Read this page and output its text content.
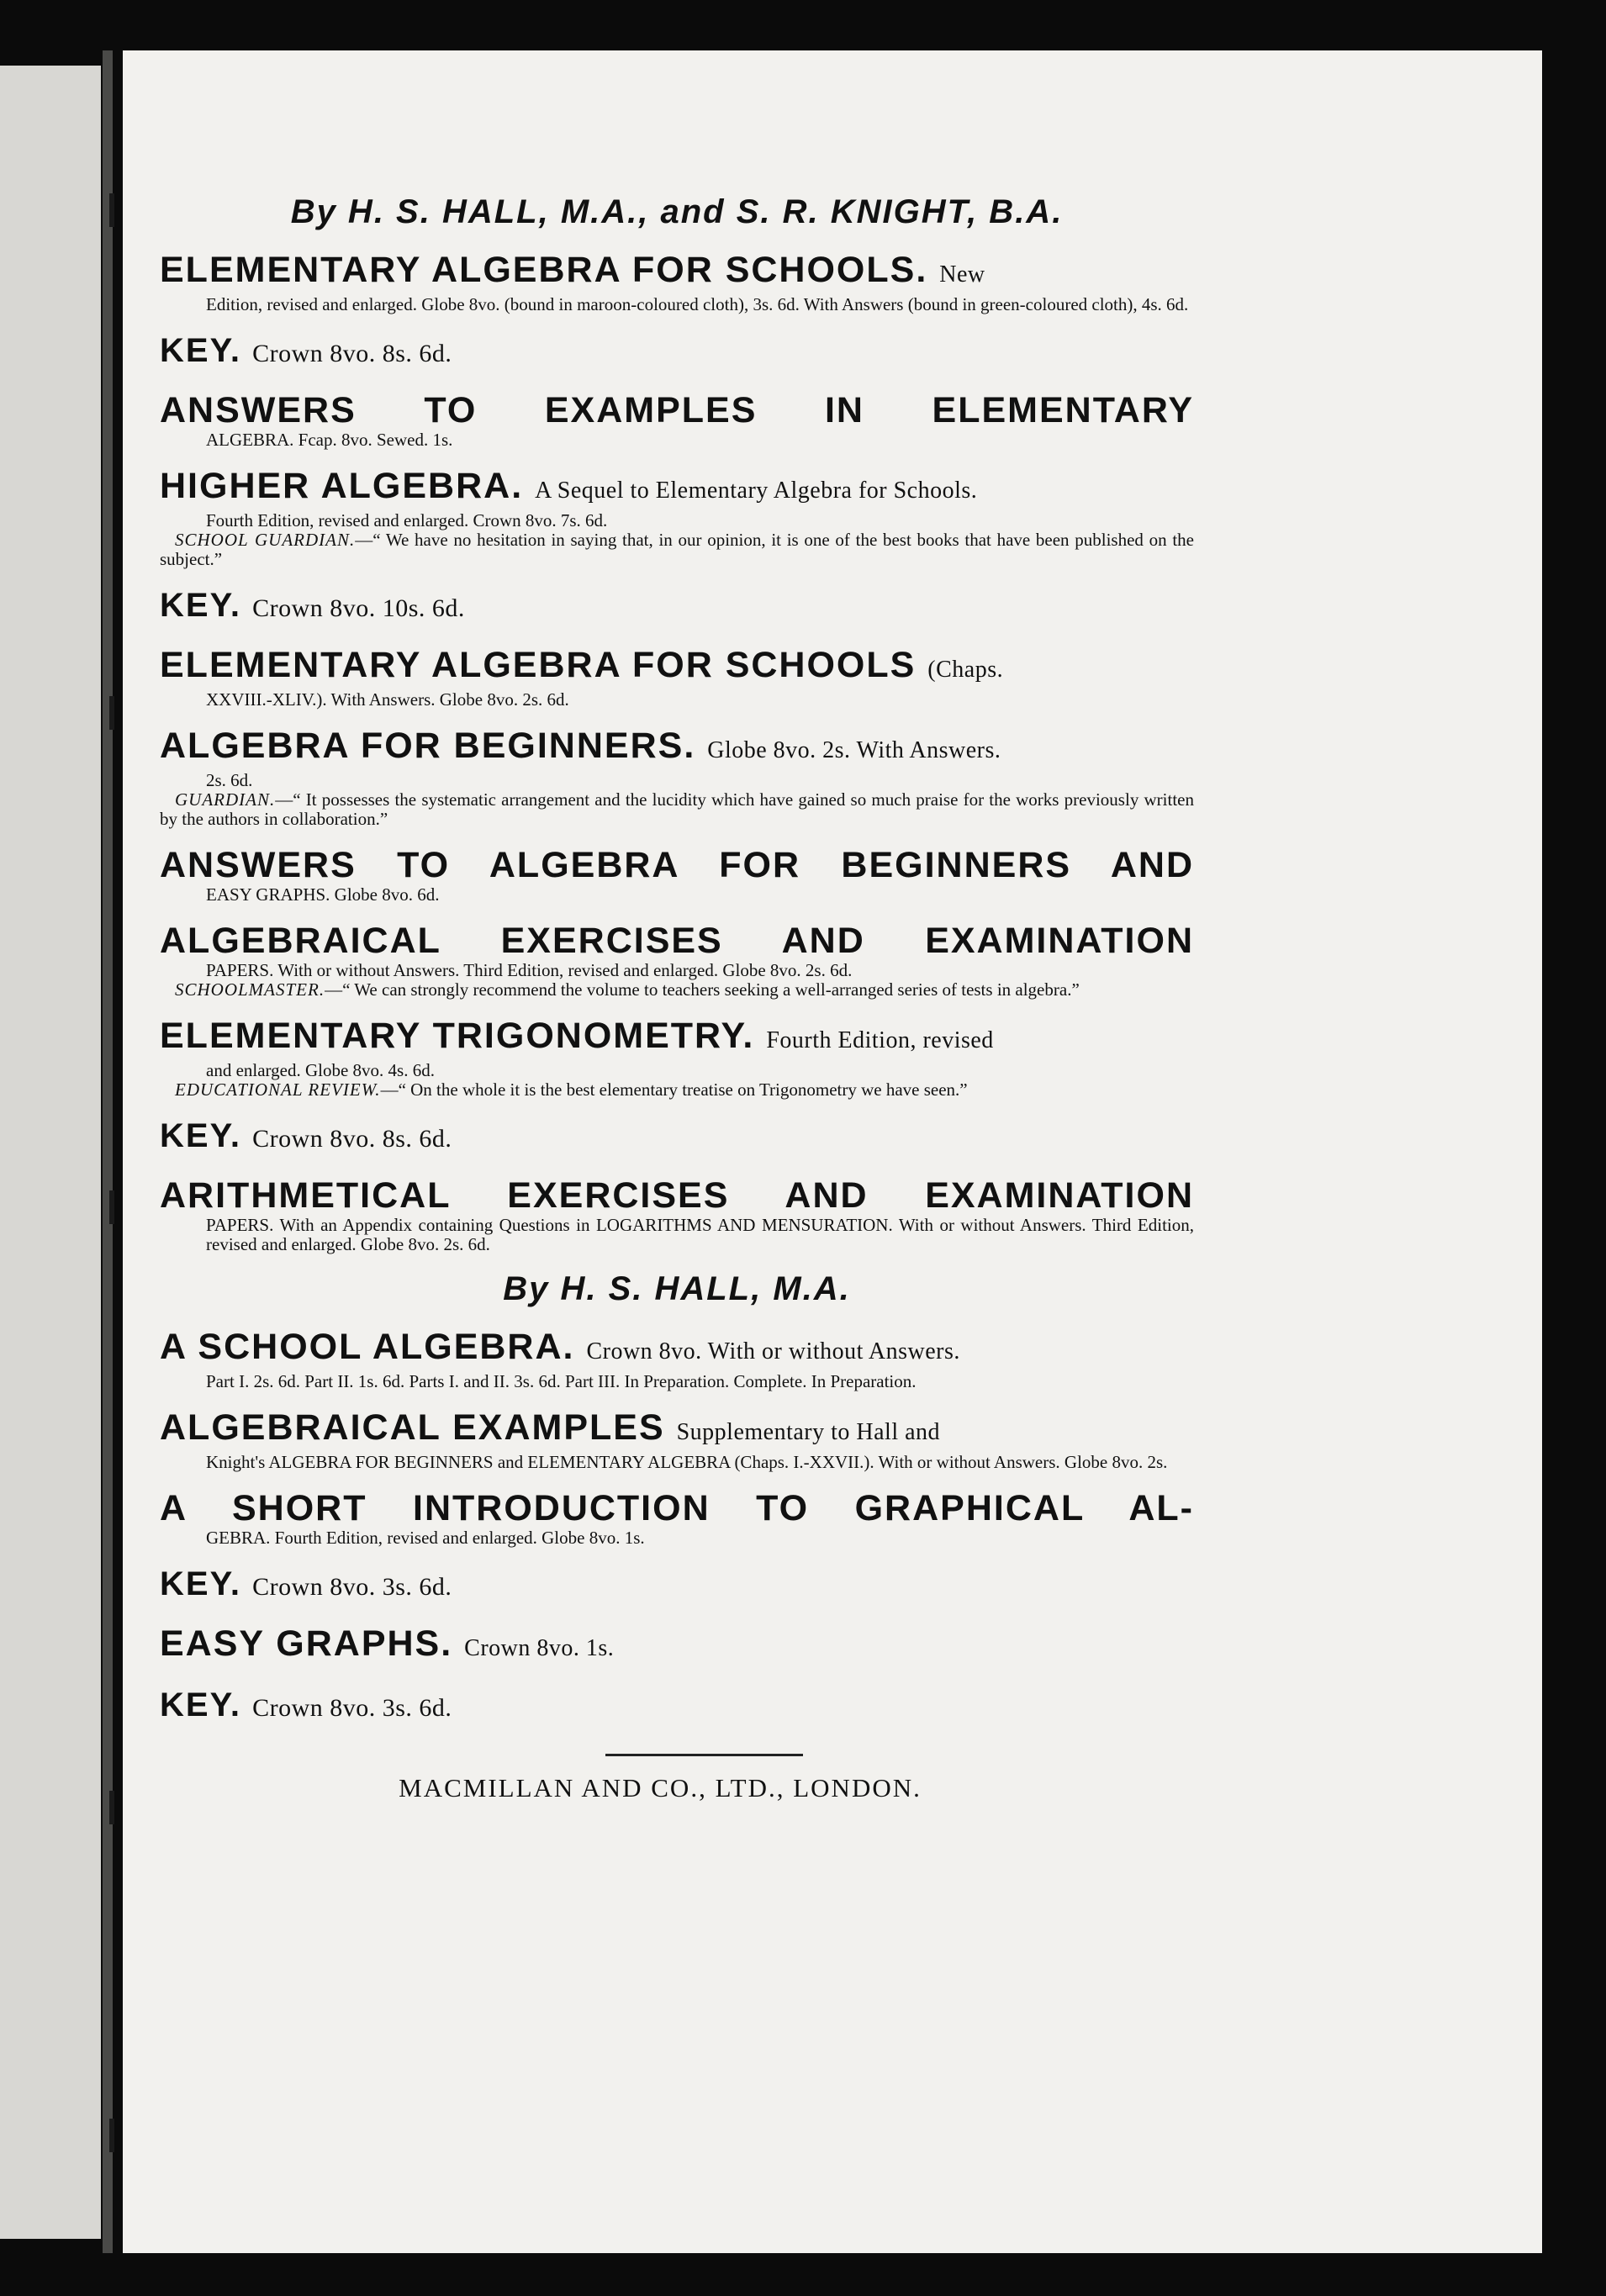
By H. S. HALL, M.A., and S. R. KNIGHT, B.A.
ELEMENTARY ALGEBRA FOR SCHOOLS. New
Edition, revised and enlarged. Globe 8vo. (bound in maroon-coloured cloth), 3s. 6d. With Answers (bound in green-coloured cloth), 4s. 6d.
KEY. Crown 8vo. 8s. 6d.
ANSWERS TO EXAMPLES IN ELEMENTARY
ALGEBRA. Fcap. 8vo. Sewed. 1s.
HIGHER ALGEBRA. A Sequel to Elementary Algebra for Schools.
Fourth Edition, revised and enlarged. Crown 8vo. 7s. 6d.
SCHOOL GUARDIAN.—“ We have no hesitation in saying that, in our opinion, it is one of the best books that have been published on the subject.”
KEY. Crown 8vo. 10s. 6d.
ELEMENTARY ALGEBRA FOR SCHOOLS (Chaps.
XXVIII.-XLIV.). With Answers. Globe 8vo. 2s. 6d.
ALGEBRA FOR BEGINNERS. Globe 8vo. 2s. With Answers.
2s. 6d.
GUARDIAN.—“ It possesses the systematic arrangement and the lucidity which have gained so much praise for the works previously written by the authors in collaboration.”
ANSWERS TO ALGEBRA FOR BEGINNERS AND
EASY GRAPHS. Globe 8vo. 6d.
ALGEBRAICAL EXERCISES AND EXAMINATION
PAPERS. With or without Answers. Third Edition, revised and enlarged. Globe 8vo. 2s. 6d.
SCHOOLMASTER.—“ We can strongly recommend the volume to teachers seeking a well-arranged series of tests in algebra.”
ELEMENTARY TRIGONOMETRY. Fourth Edition, revised
and enlarged. Globe 8vo. 4s. 6d.
EDUCATIONAL REVIEW.—“ On the whole it is the best elementary treatise on Trigonometry we have seen.”
KEY. Crown 8vo. 8s. 6d.
ARITHMETICAL EXERCISES AND EXAMINATION
PAPERS. With an Appendix containing Questions in LOGARITHMS AND MENSURATION. With or without Answers. Third Edition, revised and enlarged. Globe 8vo. 2s. 6d.
By H. S. HALL, M.A.
A SCHOOL ALGEBRA. Crown 8vo. With or without Answers.
Part I. 2s. 6d. Part II. 1s. 6d. Parts I. and II. 3s. 6d. Part III. In Preparation. Complete. In Preparation.
ALGEBRAICAL EXAMPLES Supplementary to Hall and
Knight's ALGEBRA FOR BEGINNERS and ELEMENTARY ALGEBRA (Chaps. I.-XXVII.). With or without Answers. Globe 8vo. 2s.
A SHORT INTRODUCTION TO GRAPHICAL AL-
GEBRA. Fourth Edition, revised and enlarged. Globe 8vo. 1s.
KEY. Crown 8vo. 3s. 6d.
EASY GRAPHS. Crown 8vo. 1s.
KEY. Crown 8vo. 3s. 6d.
MACMILLAN AND CO., LTD., LONDON.
